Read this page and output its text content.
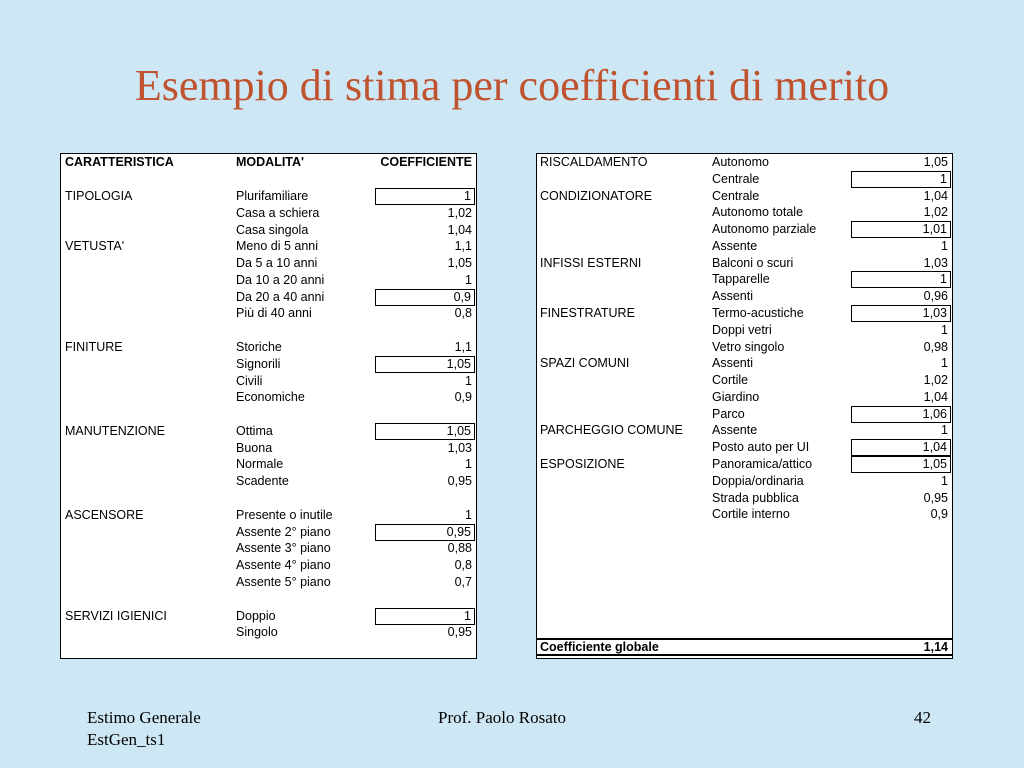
Esempio di stima per coefficienti di merito
CARATTERISTICA	MODALITA'	COEFFICIENTE
TIPOLOGIA	Plurifamiliare	1
Casa a schiera	1,02
Casa singola	1,04
VETUSTA'	Meno di 5 anni	1,1
Da 5 a 10 anni	1,05
Da 10 a 20 anni	1
Da 20 a 40 anni	0,9
Più di 40 anni	0,8
FINITURE	Storiche	1,1
Signorili	1,05
Civili	1
Economiche	0,9
MANUTENZIONE	Ottima	1,05
Buona	1,03
Normale	1
Scadente	0,95
ASCENSORE	Presente o inutile	1
Assente 2° piano	0,95
Assente 3° piano	0,88
Assente 4° piano	0,8
Assente 5° piano	0,7
SERVIZI IGIENICI	Doppio	1
Singolo	0,95
RISCALDAMENTO	Autonomo	1,05
Centrale	1
CONDIZIONATORE	Centrale	1,04
Autonomo totale	1,02
Autonomo parziale	1,01
Assente	1
INFISSI ESTERNI	Balconi o scuri	1,03
Tapparelle	1
Assenti	0,96
FINESTRATURE	Termo-acustiche	1,03
Doppi vetri	1
Vetro singolo	0,98
SPAZI COMUNI	Assenti	1
Cortile	1,02
Giardino	1,04
Parco	1,06
PARCHEGGIO COMUNE	Assente	1
Posto auto per UI	1,04
ESPOSIZIONE	Panoramica/attico	1,05
Doppia/ordinaria	1
Strada pubblica	0,95
Cortile interno	0,9
Coefficiente globale	1,14
Estimo Generale
EstGen_ts1
Prof. Paolo Rosato	42
